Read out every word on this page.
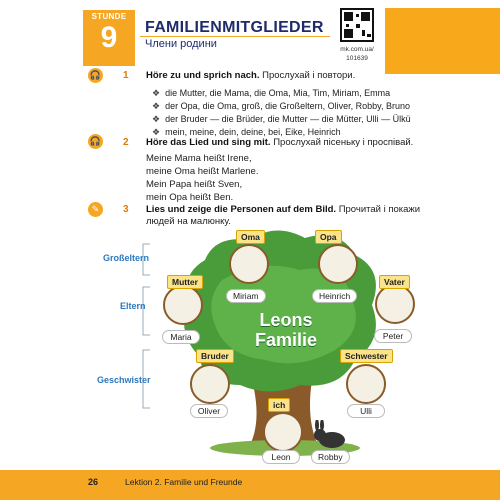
STUNDE
9	FAMILIENMITGLIEDER
Члени родини	mk.com.ua/ 101639
🎧 1 Höre zu und sprich nach. Прослухай і повтори.
❖ die Mutter, die Mama, die Oma, Mia, Tim, Miriam, Emma
❖ der Opa, die Oma, groß, die Großeltern, Oliver, Robby, Bruno
❖ der Bruder — die Brüder, die Mutter — die Mütter, Ulli — Ülkü
❖ mein, meine, dein, deine, bei, Eike, Heinrich
🎧 2 Höre das Lied und sing mit. Прослухай пісеньку і проспівай.
Meine Mama heißt Irene,
meine Oma heißt Marlene.
Mein Papa heißt Sven,
mein Opa heißt Ben.
✎	3 Lies und zeige die Personen auf dem Bild. Прочитай і покажи людей на малюнку.
Großeltern
Eltern
Geschwister
Oma	Opa
Mutter	Vater
Bruder	Schwester
ich
Miriam	Heinrich
Maria	Peter
Oliver	Ulli
Leon	Robby
Leons
Familie
26	Lektion 2. Familie und Freunde
